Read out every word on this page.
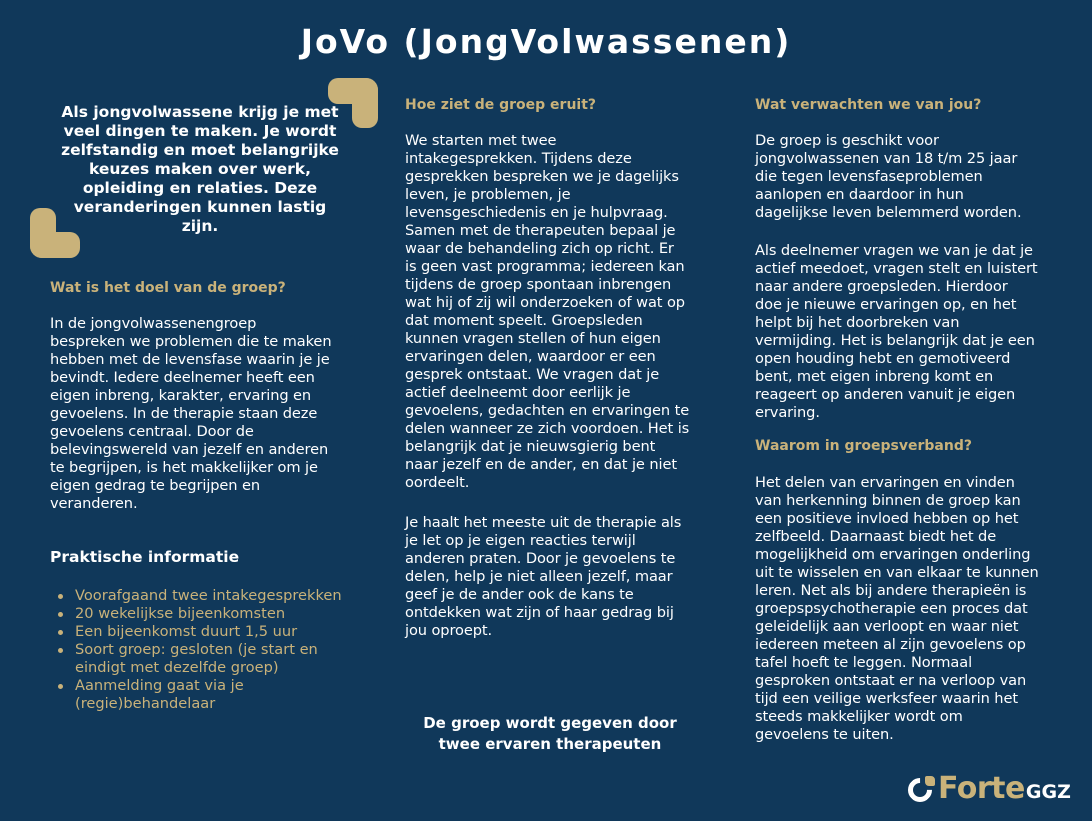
JoVo (JongVolwassenen)
Als jongvolwassene krijg je met
veel dingen te maken. Je wordt
zelfstandig en moet belangrijke
keuzes maken over werk,
opleiding en relaties. Deze
veranderingen kunnen lastig
zijn.
Wat is het doel van de groep?
In de jongvolwassenengroep
bespreken we problemen die te maken
hebben met de levensfase waarin je je
bevindt. Iedere deelnemer heeft een
eigen inbreng, karakter, ervaring en
gevoelens. In de therapie staan deze
gevoelens centraal. Door de
belevingswereld van jezelf en anderen
te begrijpen, is het makkelijker om je
eigen gedrag te begrijpen en
veranderen.
Praktische informatie
Voorafgaand twee intakegesprekken
20 wekelijkse bijeenkomsten
Een bijeenkomst duurt 1,5 uur
Soort groep: gesloten (je start en
eindigt met dezelfde groep)
Aanmelding gaat via je
(regie)behandelaar
Hoe ziet de groep eruit?
We starten met twee
intakegesprekken. Tijdens deze
gesprekken bespreken we je dagelijks
leven, je problemen, je
levensgeschiedenis en je hulpvraag.
Samen met de therapeuten bepaal je
waar de behandeling zich op richt. Er
is geen vast programma; iedereen kan
tijdens de groep spontaan inbrengen
wat hij of zij wil onderzoeken of wat op
dat moment speelt. Groepsleden
kunnen vragen stellen of hun eigen
ervaringen delen, waardoor er een
gesprek ontstaat. We vragen dat je
actief deelneemt door eerlijk je
gevoelens, gedachten en ervaringen te
delen wanneer ze zich voordoen. Het is
belangrijk dat je nieuwsgierig bent
naar jezelf en de ander, en dat je niet
oordeelt.
Je haalt het meeste uit de therapie als
je let op je eigen reacties terwijl
anderen praten. Door je gevoelens te
delen, help je niet alleen jezelf, maar
geef je de ander ook de kans te
ontdekken wat zijn of haar gedrag bij
jou oproept.
De groep wordt gegeven door
twee ervaren therapeuten
Wat verwachten we van jou?
De groep is geschikt voor
jongvolwassenen van 18 t/m 25 jaar
die tegen levensfaseproblemen
aanlopen en daardoor in hun
dagelijkse leven belemmerd worden.
Als deelnemer vragen we van je dat je
actief meedoet, vragen stelt en luistert
naar andere groepsleden. Hierdoor
doe je nieuwe ervaringen op, en het
helpt bij het doorbreken van
vermijding. Het is belangrijk dat je een
open houding hebt en gemotiveerd
bent, met eigen inbreng komt en
reageert op anderen vanuit je eigen
ervaring.
Waarom in groepsverband?
Het delen van ervaringen en vinden
van herkenning binnen de groep kan
een positieve invloed hebben op het
zelfbeeld. Daarnaast biedt het de
mogelijkheid om ervaringen onderling
uit te wisselen en van elkaar te kunnen
leren. Net als bij andere therapieën is
groepspsychotherapie een proces dat
geleidelijk aan verloopt en waar niet
iedereen meteen al zijn gevoelens op
tafel hoeft te leggen. Normaal
gesproken ontstaat er na verloop van
tijd een veilige werksfeer waarin het
steeds makkelijker wordt om
gevoelens te uiten.
Forte GGZ
